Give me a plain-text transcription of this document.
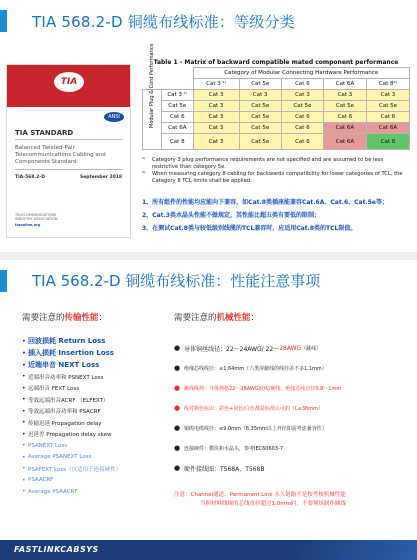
TIA 568.2-D 铜缆布线标准：等级分类
TIA
ANSI
TIA STANDARD
Balanced Twisted-Pair Telecommunications Cabling and Components Standard
TIA-568.2-D	September 2018
TELECOMMUNICATIONS INDUSTRY ASSOCIATION
tiaonline.org
Table 1 - Matrix of backward compatible mated component performance
		Category of Modular Connecting Hardware Performance				
		Cat 3 ¹⁾	Cat 5e	Cat 6	Cat 6A	Cat 8²⁾

Modular Plug & Cord Performance	Cat 3 ¹⁾	Cat 3	Cat 3	Cat 3	Cat 3	Cat 3
	Cat 5e	Cat 3	Cat 5e	Cat 5e	Cat 5e	Cat 5e
	Cat 6	Cat 3	Cat 5e	Cat 6	Cat 6	Cat 6
	Cat 6A	Cat 3	Cat 5e	Cat 6	Cat 6A	Cat 6A
	Cat 8	Cat 3	Cat 5e	Cat 6	Cat 6A	Cat 8
¹⁾	Category 3 plug performance requirements are not specified and are assumed to be less restrictive than category 5e.
²⁾	When measuring category 8 cabling for backwards compatibility for lower categories of TCL, the Category 8 TCL limits shall be applied.
1、所有组件的性能均应能向下兼容，如Cat.8类插座能兼容Cat.6A、Cat.6、Cat.5e等；
2、Cat.3类水晶头性能不做规定，其性能比超五类有要低的限制；
3、在测试Cat.8类与较低级别线缆的TCL兼容时，应适用Cat.8类的TCL限值。
TIA 568.2-D 铜缆布线标准：性能注意事项
需要注意的传输性能：	需要注意的机械性能：
• 回波损耗 Return Loss
• 插入损耗 Insertion Loss
• 近端串音 NEXT Loss
• 近端串音功率和 PSNEXT Loss
• 远端串音 FEXT Loss
• 等效远端串音ACRF （ELFEXT）
• 等效远端串音功率和 PSACRF
• 传输迟延 Propagation delay
• 迟延差 Propagation delay skew
• PSANEXT Loss
• Average PSANEXT Loss
• PSAFEXT Loss（仅适用于连接硬件）
• PSAACRF
• Average PSAACRF
● 导体铜丝线径：22～24AWG/ 22～ 28AWG （跳线）
● 绝缘芯线线径：≤1.64mm（六类屏蔽线的线径差不多1.1mm）
● 跳线线规：导体规格22～28AWG软线/硬线，绝缘芯线直径0.8～1mm
● 线对颜色标识：彩色+双色/白色都是标准认可的（L≤38mm）
● 铜缆电缆线径：≤9.0mm（6.35mm以上外径即需考虑兼容性）
● 连接硬件：模块和水晶头，参考IEC60603-7
● 硬件接线图：T568A、T568B
注意：Channel通道、Permanent Link 永久链路不是按考核机械性能
当照材料线规的芯线直径超过1.0mm时，不要现场制作跳线
FASTLINKCABSYS
